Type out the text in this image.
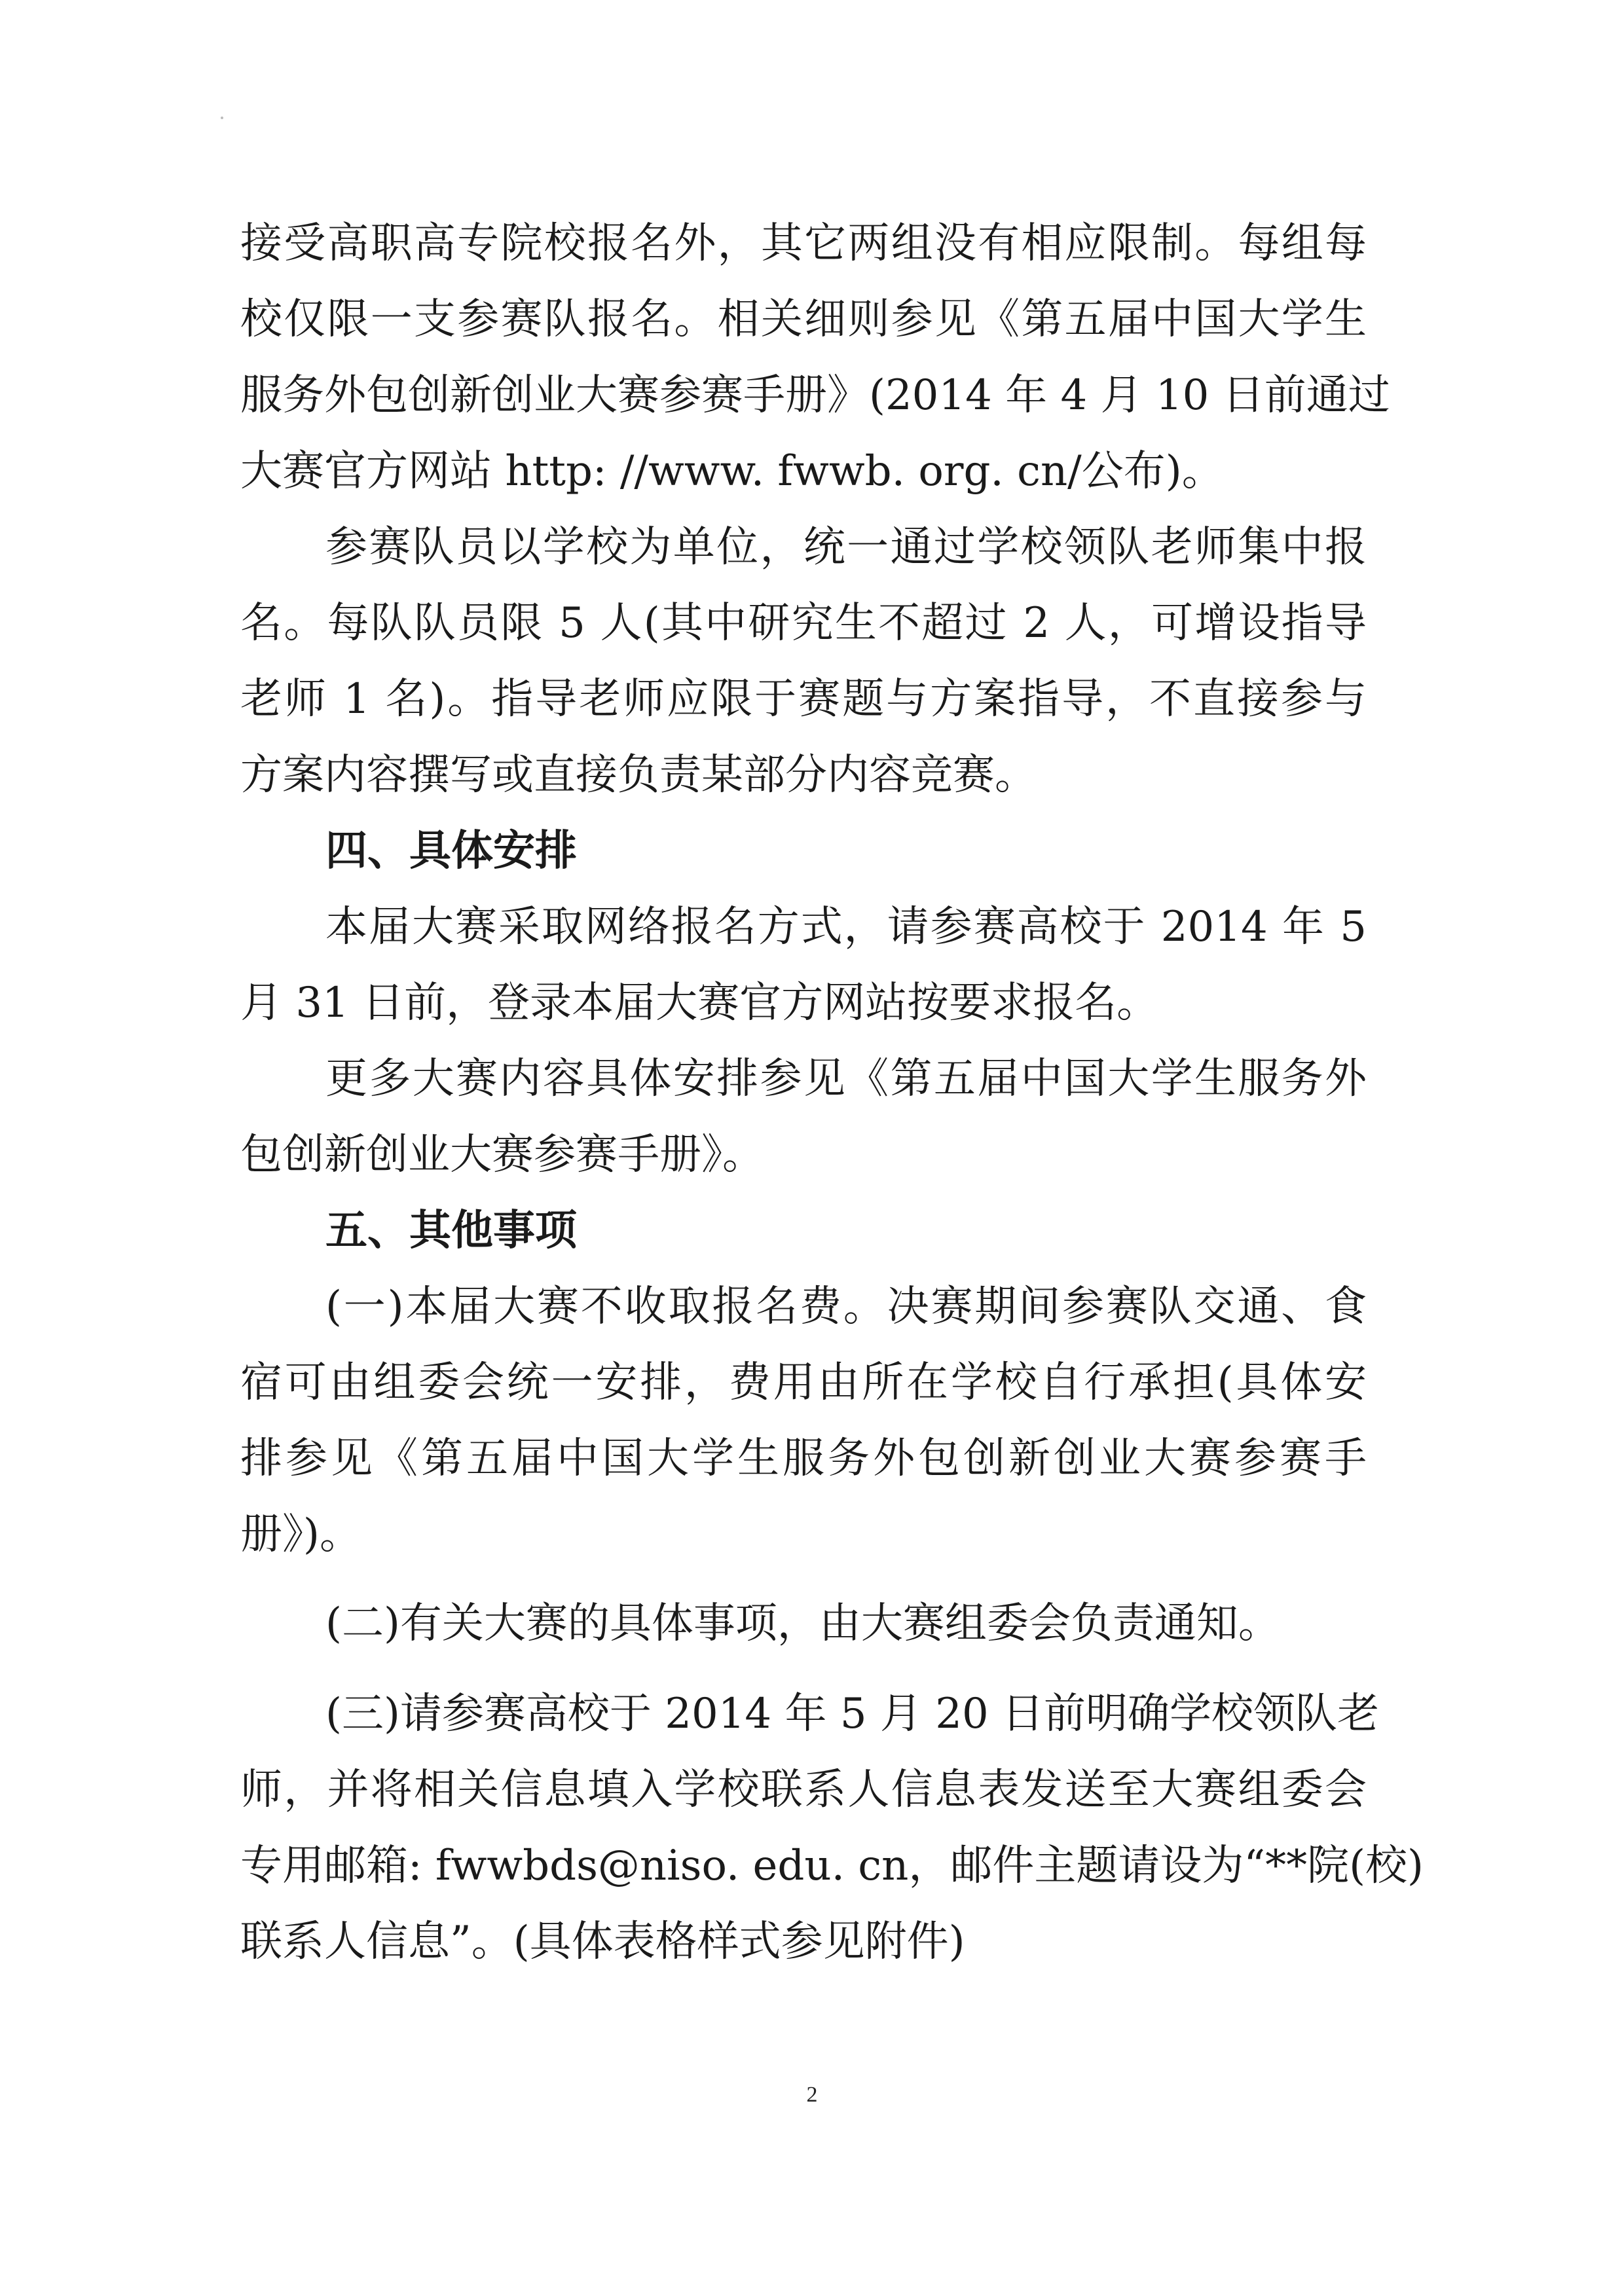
接受高职高专院校报名外，其它两组没有相应限制。每组每
校仅限一支参赛队报名。相关细则参见《第五届中国大学生
服务外包创新创业大赛参赛手册》(2014 年 4 月 10 日前通过
大赛官方网站 http: //www. fwwb. org. cn/公布)。
参赛队员以学校为单位，统一通过学校领队老师集中报
名。每队队员限 5 人(其中研究生不超过 2 人，可增设指导
老师 1 名)。指导老师应限于赛题与方案指导，不直接参与
方案内容撰写或直接负责某部分内容竞赛。
四、具体安排
本届大赛采取网络报名方式，请参赛高校于 2014 年 5
月 31 日前，登录本届大赛官方网站按要求报名。
更多大赛内容具体安排参见《第五届中国大学生服务外
包创新创业大赛参赛手册》。
五、其他事项
(一)本届大赛不收取报名费。决赛期间参赛队交通、食
宿可由组委会统一安排，费用由所在学校自行承担(具体安
排参见《第五届中国大学生服务外包创新创业大赛参赛手
册》)。
(二)有关大赛的具体事项，由大赛组委会负责通知。
(三)请参赛高校于 2014 年 5 月 20 日前明确学校领队老
师，并将相关信息填入学校联系人信息表发送至大赛组委会
专用邮箱: fwwbds@niso. edu. cn，邮件主题请设为“**院(校)
联系人信息”。(具体表格样式参见附件)
2
